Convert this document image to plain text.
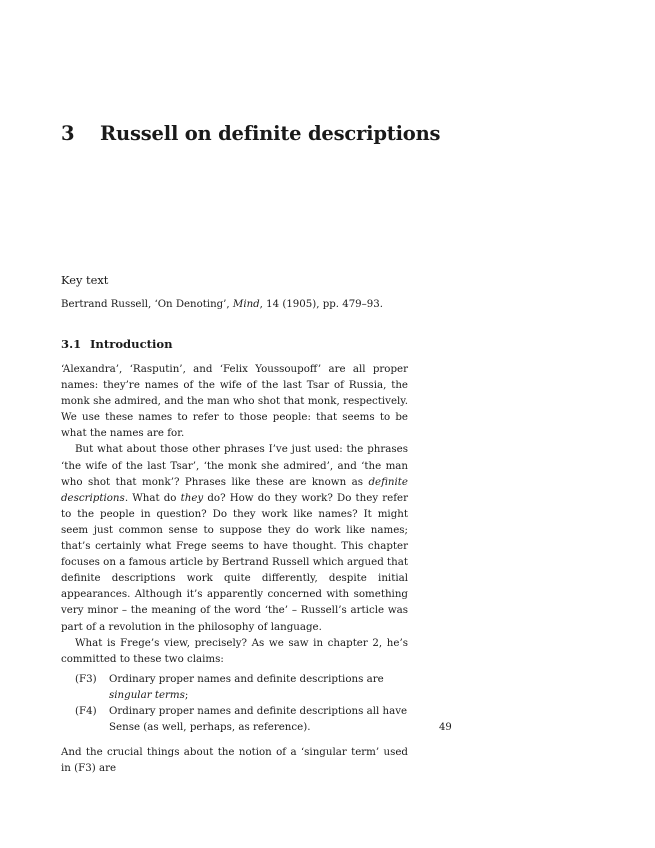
3 Russell on definite descriptions
Key text
Bertrand Russell, ‘On Denoting’, Mind, 14 (1905), pp. 479–93.
3.1 Introduction

‘Alexandra’, ‘Rasputin’, and ‘Felix Youssoupoff’ are all proper names: they’re names of the wife of the last Tsar of Russia, the monk she admired, and the man who shot that monk, respectively. We use these names to refer to those people: that seems to be what the names are for.

But what about those other phrases I’ve just used: the phrases ‘the wife of the last Tsar’, ‘the monk she admired’, and ‘the man who shot that monk’? Phrases like these are known as definite descriptions. What do they do? How do they work? Do they refer to the people in question? Do they work like names? It might seem just common sense to suppose they do work like names; that’s certainly what Frege seems to have thought. This chapter focuses on a famous article by Bertrand Russell which argued that definite descriptions work quite differently, despite initial appearances. Although it’s apparently concerned with something very minor – the meaning of the word ‘the’ – Russell’s article was part of a revolution in the philosophy of language.

What is Frege’s view, precisely? As we saw in chapter 2, he’s committed to these two claims:

(F3) Ordinary proper names and definite descriptions are singular terms;
(F4) Ordinary proper names and definite descriptions all have Sense (as well, perhaps, as reference).

And the crucial things about the notion of a ‘singular term’ used in (F3) are

49
